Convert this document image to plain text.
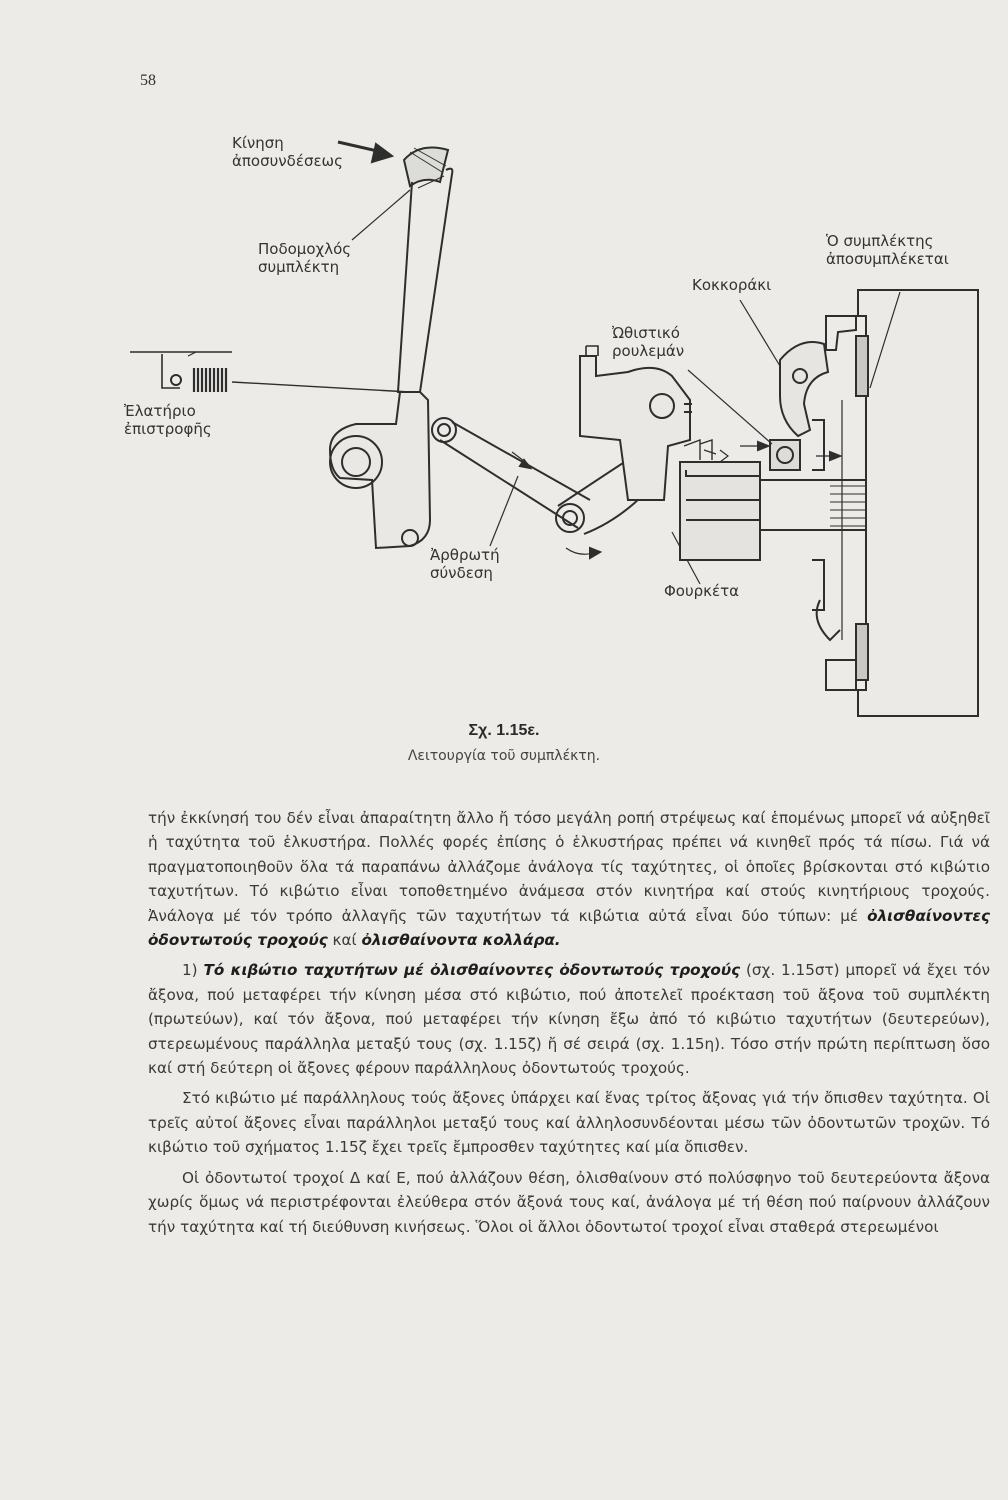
58
Κίνηση
ἀποσυνδέσεως
Ποδομοχλός
συμπλέκτη
Ἐλατήριο
ἐπιστροφῆς
Ἀρθρωτή
σύνδεση
Φουρκέτα
Ὠθιστικό
ρουλεμάν
Κοκκοράκι
Ὁ συμπλέκτης
ἀποσυμπλέκεται
Σχ. 1.15ε.
Λειτουργία τοῦ συμπλέκτη.

τήν ἐκκίνησή του δέν εἶναι ἀπαραίτητη ἄλλο ἤ τόσο μεγάλη ροπή στρέψεως καί ἑπομένως μπορεῖ νά αὐξηθεῖ ἡ ταχύτητα τοῦ ἑλκυστήρα. Πολλές φορές ἐπίσης ὁ ἑλκυστήρας πρέπει νά κινηθεῖ πρός τά πίσω. Γιά νά πραγματοποιηθοῦν ὅλα τά παραπάνω ἀλλάζομε ἀνάλογα τίς ταχύτητες, οἱ ὁποῖες βρίσκονται στό κιβώτιο ταχυτήτων. Τό κιβώτιο εἶναι τοποθετημένο ἀνάμεσα στόν κινητήρα καί στούς κινητήριους τροχούς. Ἀνάλογα μέ τόν τρόπο ἀλλαγῆς τῶν ταχυτήτων τά κιβώτια αὐτά εἶναι δύο τύπων: μέ ὀλισθαίνοντες ὀδοντωτούς τροχούς καί ὀλισθαίνοντα κολλάρα.

1) Τό κιβώτιο ταχυτήτων μέ ὀλισθαίνοντες ὀδοντωτούς τροχούς (σχ. 1.15στ) μπορεῖ νά ἔχει τόν ἄξονα, πού μεταφέρει τήν κίνηση μέσα στό κιβώτιο, πού ἀποτελεῖ προέκταση τοῦ ἄξονα τοῦ συμπλέκτη (πρωτεύων), καί τόν ἄξονα, πού μεταφέρει τήν κίνηση ἔξω ἀπό τό κιβώτιο ταχυτήτων (δευτερεύων), στερεωμένους παράλληλα μεταξύ τους (σχ. 1.15ζ) ἤ σέ σειρά (σχ. 1.15η). Τόσο στήν πρώτη περίπτωση ὅσο καί στή δεύτερη οἱ ἄξονες φέρουν παράλληλους ὀδοντωτούς τροχούς.

Στό κιβώτιο μέ παράλληλους τούς ἄξονες ὑπάρχει καί ἕνας τρίτος ἄξονας γιά τήν ὄπισθεν ταχύτητα. Οἱ τρεῖς αὐτοί ἄξονες εἶναι παράλληλοι μεταξύ τους καί ἀλληλοσυνδέονται μέσω τῶν ὀδοντωτῶν τροχῶν. Τό κιβώτιο τοῦ σχήματος 1.15ζ ἔχει τρεῖς ἔμπροσθεν ταχύτητες καί μία ὄπισθεν.

Οἱ ὀδοντωτοί τροχοί Δ καί Ε, πού ἀλλάζουν θέση, ὀλισθαίνουν στό πολύσφηνο τοῦ δευτερεύοντα ἄξονα χωρίς ὅμως νά περιστρέφονται ἐλεύθερα στόν ἄξονά τους καί, ἀνάλογα μέ τή θέση πού παίρνουν ἀλλάζουν τήν ταχύτητα καί τή διεύθυνση κινήσεως. Ὅλοι οἱ ἄλλοι ὀδοντωτοί τροχοί εἶναι σταθερά στερεωμένοι
